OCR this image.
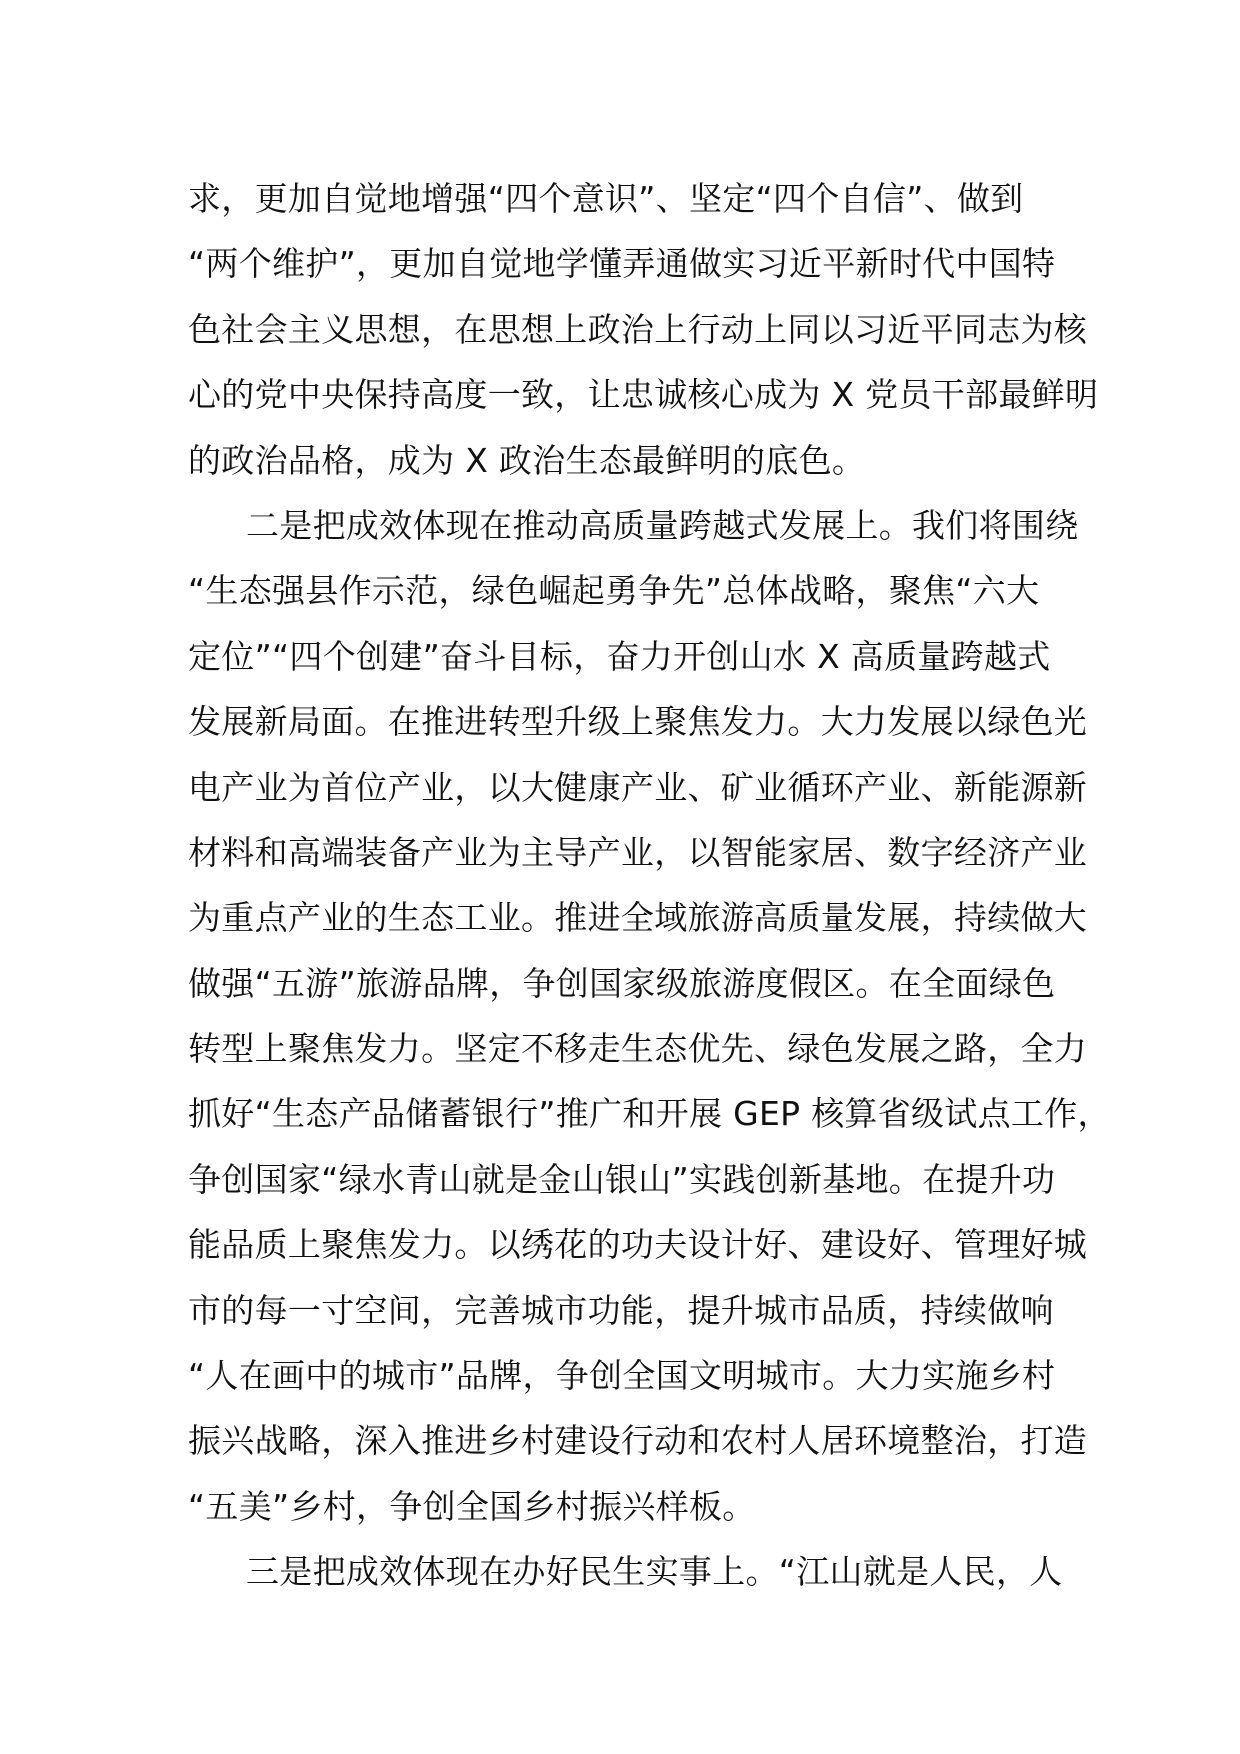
求，更加自觉地增强“四个意识”、坚定“四个自信”、做到
“两个维护”，更加自觉地学懂弄通做实习近平新时代中国特
色社会主义思想，在思想上政治上行动上同以习近平同志为核
心的党中央保持高度一致，让忠诚核心成为 X 党员干部最鲜明
的政治品格，成为 X 政治生态最鲜明的底色。
二是把成效体现在推动高质量跨越式发展上。我们将围绕
“生态强县作示范，绿色崛起勇争先”总体战略，聚焦“六大
定位”“四个创建”奋斗目标，奋力开创山水 X 高质量跨越式
发展新局面。在推进转型升级上聚焦发力。大力发展以绿色光
电产业为首位产业，以大健康产业、矿业循环产业、新能源新
材料和高端装备产业为主导产业，以智能家居、数字经济产业
为重点产业的生态工业。推进全域旅游高质量发展，持续做大
做强“五游”旅游品牌，争创国家级旅游度假区。在全面绿色
转型上聚焦发力。坚定不移走生态优先、绿色发展之路，全力
抓好“生态产品储蓄银行”推广和开展 GEP 核算省级试点工作，
争创国家“绿水青山就是金山银山”实践创新基地。在提升功
能品质上聚焦发力。以绣花的功夫设计好、建设好、管理好城
市的每一寸空间，完善城市功能，提升城市品质，持续做响
“人在画中的城市”品牌，争创全国文明城市。大力实施乡村
振兴战略，深入推进乡村建设行动和农村人居环境整治，打造
“五美”乡村，争创全国乡村振兴样板。
三是把成效体现在办好民生实事上。“江山就是人民，人
